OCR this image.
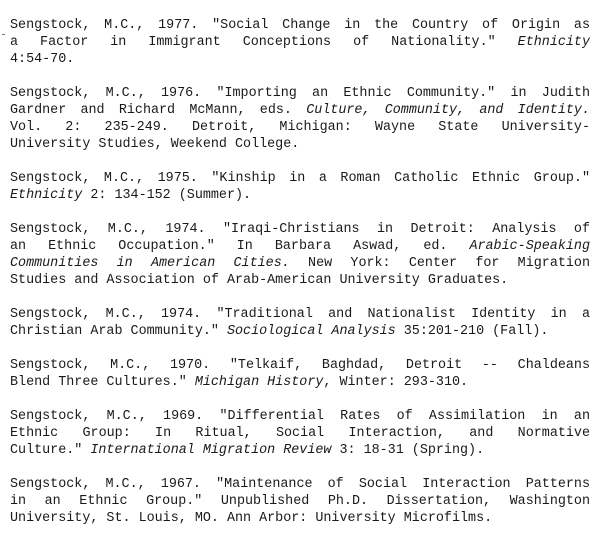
Sengstock, M.C., 1977. "Social Change in the Country of Origin as
a Factor in Immigrant Conceptions of Nationality." Ethnicity
4:54-70.
Sengstock, M.C., 1976. "Importing an Ethnic Community." in Judith
Gardner and Richard McMann, eds. Culture, Community, and Identity.
Vol. 2: 235-249. Detroit, Michigan: Wayne State University-
University Studies, Weekend College.
Sengstock, M.C., 1975. "Kinship in a Roman Catholic Ethnic Group."
Ethnicity 2: 134-152 (Summer).
Sengstock, M.C., 1974. "Iraqi-Christians in Detroit: Analysis of
an Ethnic Occupation." In Barbara Aswad, ed. Arabic-Speaking
Communities in American Cities. New York: Center for Migration
Studies and Association of Arab-American University Graduates.
Sengstock, M.C., 1974. "Traditional and Nationalist Identity in a
Christian Arab Community." Sociological Analysis 35:201-210 (Fall).
Sengstock, M.C., 1970. "Telkaif, Baghdad, Detroit -- Chaldeans
Blend Three Cultures." Michigan History, Winter: 293-310.
Sengstock, M.C., 1969. "Differential Rates of Assimilation in an
Ethnic Group: In Ritual, Social Interaction, and Normative
Culture." International Migration Review 3: 18-31 (Spring).
Sengstock, M.C., 1967. "Maintenance of Social Interaction Patterns
in an Ethnic Group." Unpublished Ph.D. Dissertation, Washington
University, St. Louis, MO. Ann Arbor: University Microfilms.
